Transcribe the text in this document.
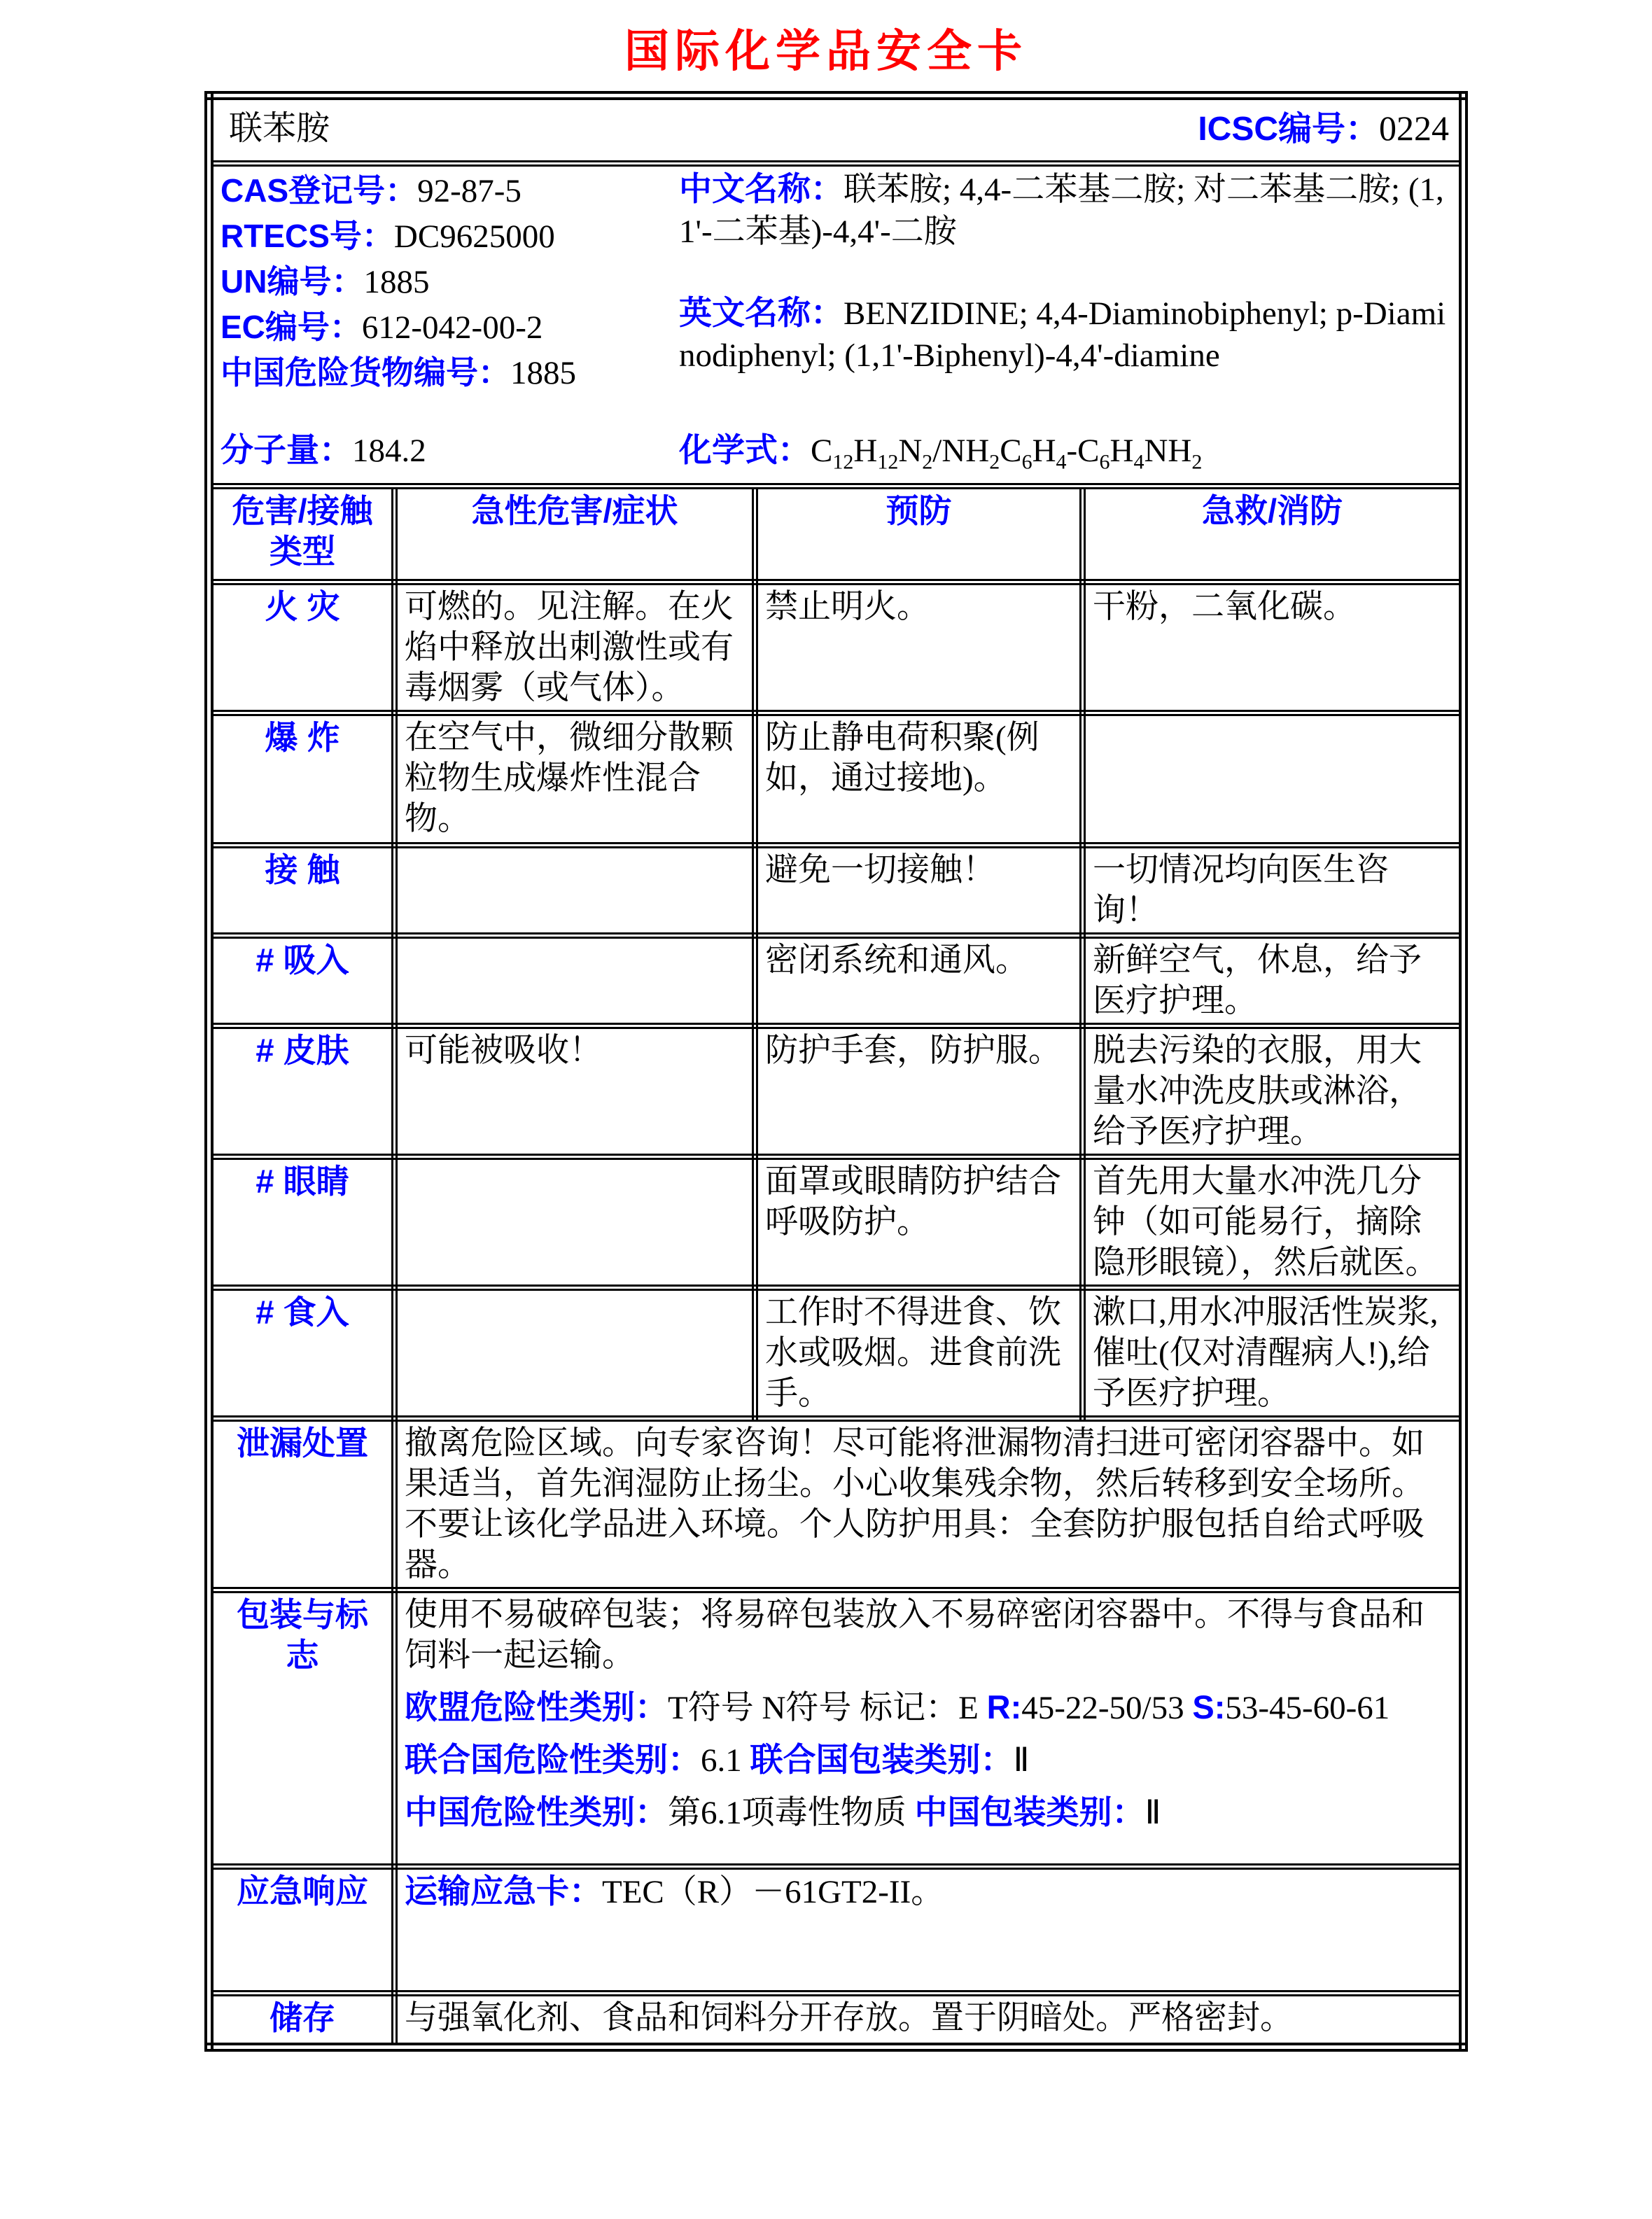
国际化学品安全卡
联苯胺 ICSC编号：0224			

CAS登记号：92-87-5
RTECS号：DC9625000
UN编号：1885
EC编号：612-042-00-2
中国危险货物编号：1885
中文名称：联苯胺; 4,4-二苯基二胺; 对二苯基二胺; (1,1'-二苯基)-4,4'-二胺
英文名称：BENZIDINE; 4,4-Diaminobiphenyl; p-Diaminodiphenyl; (1,1'-Biphenyl)-4,4'-diamine
分子量：184.2	化学式：$C_{12}H_{12}N_2/NH_2C_6H_4-C_6H_4NH_2$

危害/接触类型	急性危害/症状	预防	急救/消防
火 灾	可燃的。见注解。在火焰中释放出刺激性或有毒烟雾（或气体）。	禁止明火。	干粉，二氧化碳。
爆 炸	在空气中，微细分散颗粒物生成爆炸性混合物。	防止静电荷积聚(例如，通过接地)。	
接 触		避免一切接触！	一切情况均向医生咨询！
# 吸入		密闭系统和通风。	新鲜空气，休息，给予医疗护理。
# 皮肤	可能被吸收！	防护手套，防护服。	脱去污染的衣服，用大量水冲洗皮肤或淋浴，给予医疗护理。
# 眼睛		面罩或眼睛防护结合呼吸防护。	首先用大量水冲洗几分钟（如可能易行，摘除隐形眼镜），然后就医。
# 食入		工作时不得进食、饮水或吸烟。进食前洗手。	漱口,用水冲服活性炭浆,催吐(仅对清醒病人!),给予医疗护理。
泄漏处置	撤离危险区域。向专家咨询！尽可能将泄漏物清扫进可密闭容器中。如果适当，首先润湿防止扬尘。小心收集残余物，然后转移到安全场所。不要让该化学品进入环境。个人防护用具：全套防护服包括自给式呼吸器。		
包装与标志	使用不易破碎包装；将易碎包装放入不易碎密闭容器中。不得与食品和饲料一起运输。
欧盟危险性类别：T符号 N符号 标记：E R:45-22-50/53 S:53-45-60-61
联合国危险性类别：6.1 联合国包装类别：Ⅱ
中国危险性类别：第6.1项毒性物质 中国包装类别：Ⅱ		

应急响应	运输应急卡：TEC（R）－61GT2-II。		
储存	与强氧化剂、食品和饲料分开存放。置于阴暗处。严格密封。		
